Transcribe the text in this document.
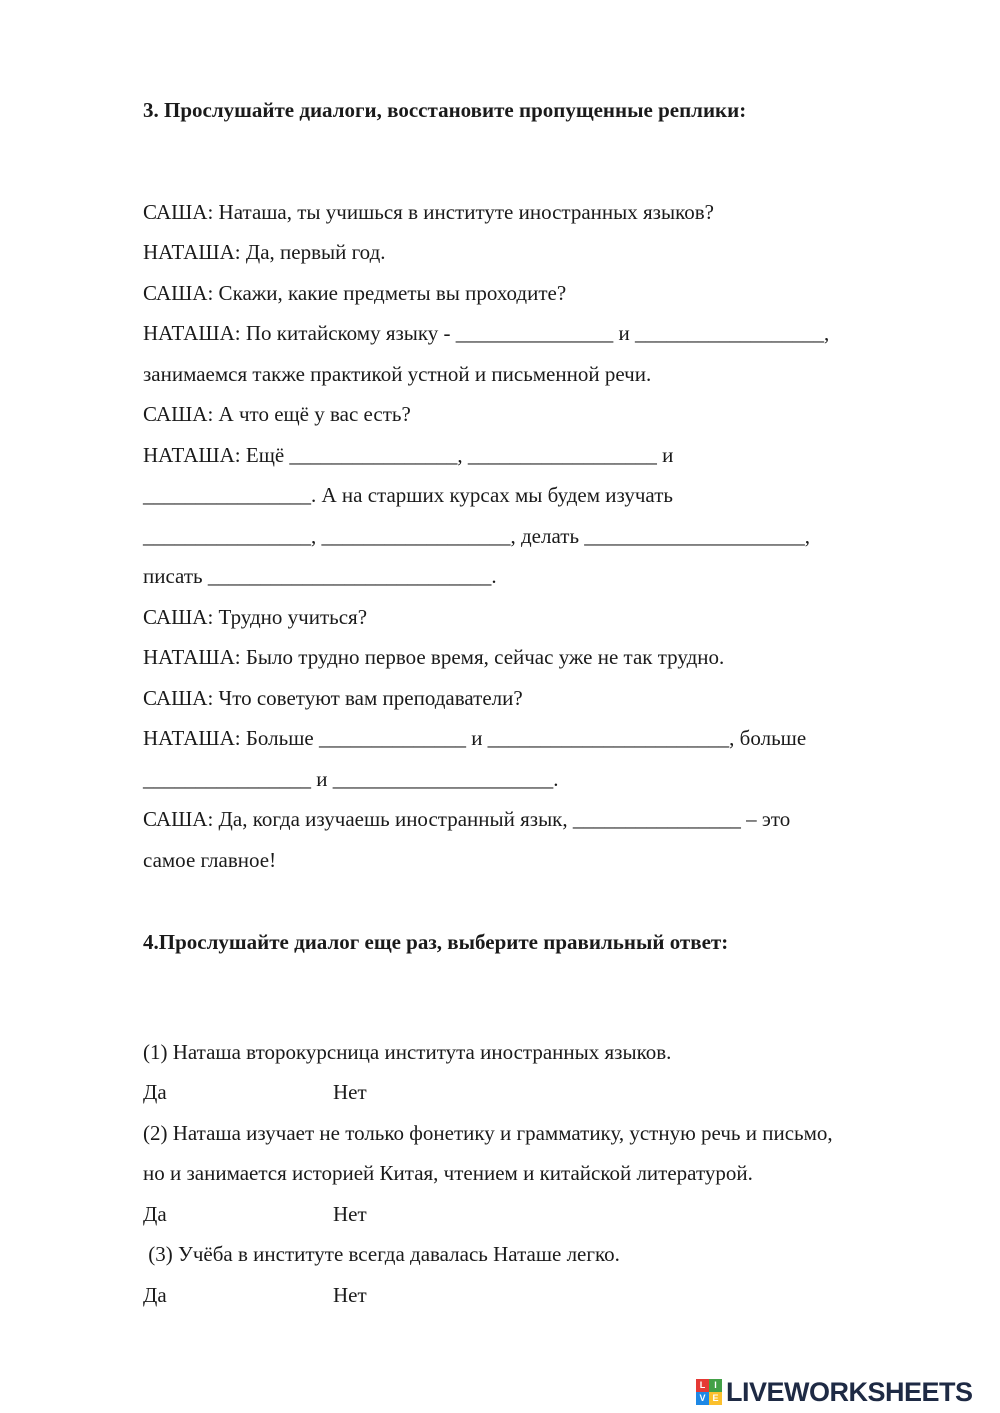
3. Прослушайте диалоги, восстановите пропущенные реплики:
САША: Наташа, ты учишься в институте иностранных языков?
НАТАША: Да, первый год.
САША: Скажи, какие предметы вы проходите?
НАТАША: По китайскому языку - _______________ и __________________,
занимаемся также практикой устной и письменной речи.
САША: А что ещё у вас есть?
НАТАША: Ещё ________________, __________________ и
________________. А на старших курсах мы будем изучать
________________, __________________, делать _____________________,
писать ___________________________.
САША: Трудно учиться?
НАТАША: Было трудно первое время, сейчас уже не так трудно.
САША: Что советуют вам преподаватели?
НАТАША: Больше ______________ и _______________________, больше
________________ и _____________________.
САША: Да, когда изучаешь иностранный язык, ________________ – это
самое главное!
4.Прослушайте диалог еще раз, выберите правильный ответ:
(1) Наташа второкурсница института иностранных языков.
Да	Нет
(2) Наташа изучает не только фонетику и грамматику, устную речь и письмо,
но и занимается историей Китая, чтением и китайской литературой.
Да	Нет
(3) Учёба в институте всегда давалась Наташе легко.
Да	Нет
L I
V E LIVEWORKSHEETS
